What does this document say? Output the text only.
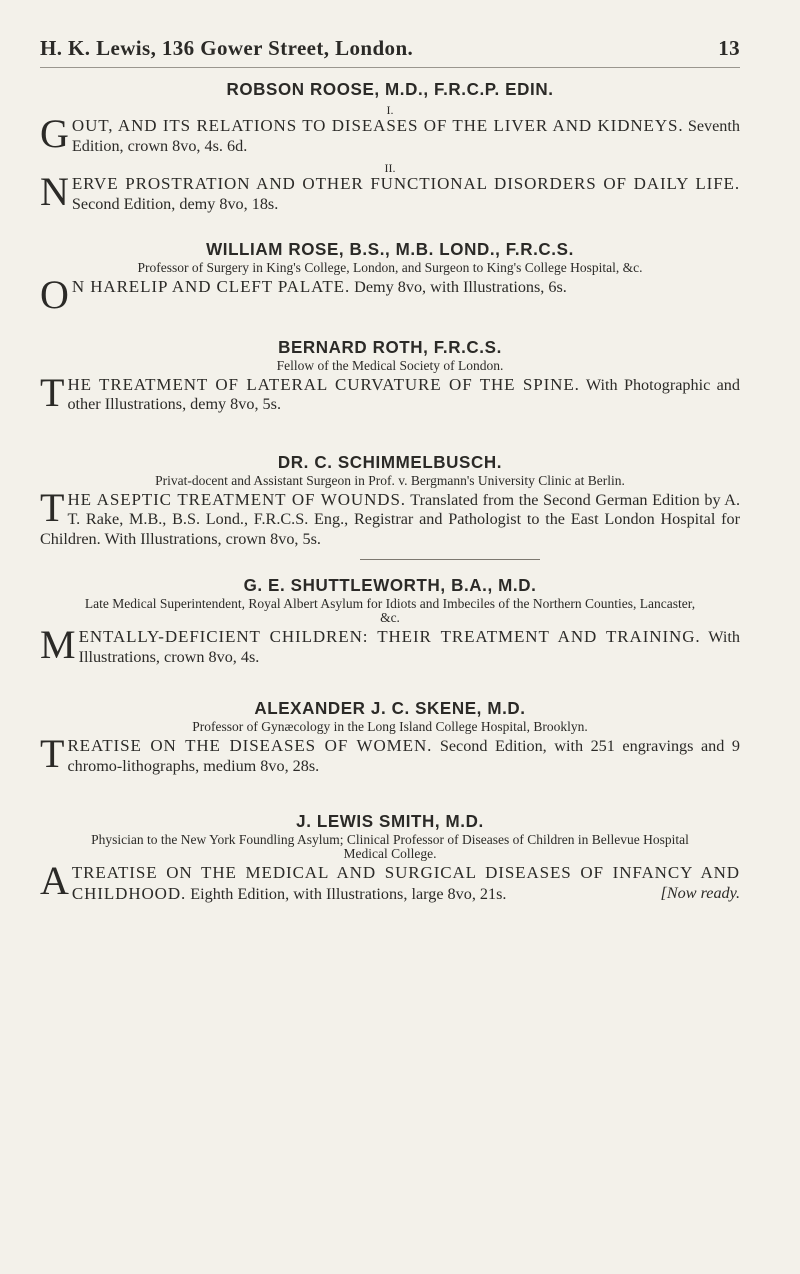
H. K. Lewis, 136 Gower Street, London.	13

ROBSON ROOSE, M.D., F.R.C.P. EDIN.

I.

GOUT, AND ITS RELATIONS TO DISEASES OF THE LIVER AND KIDNEYS. Seventh Edition, crown 8vo, 4s. 6d.

II.

NERVE PROSTRATION AND OTHER FUNCTIONAL DISORDERS OF DAILY LIFE. Second Edition, demy 8vo, 18s.

WILLIAM ROSE, B.S., M.B. LOND., F.R.C.S.

Professor of Surgery in King's College, London, and Surgeon to King's College Hospital, &c.

O N HARELIP AND CLEFT PALATE. Demy 8vo, with Illustrations, 6s.

BERNARD ROTH, F.R.C.S.

Fellow of the Medical Society of London.

THE TREATMENT OF LATERAL CURVATURE OF THE SPINE. With Photographic and other Illustrations, demy 8vo, 5s.

DR. C. SCHIMMELBUSCH.

Privat-docent and Assistant Surgeon in Prof. v. Bergmann's University Clinic at Berlin.

THE ASEPTIC TREATMENT OF WOUNDS. Translated from the Second German Edition by A. T. Rake, M.B., B.S. Lond., F.R.C.S. Eng., Registrar and Pathologist to the East London Hospital for Children. With Illustrations, crown 8vo, 5s.

G. E. SHUTTLEWORTH, B.A., M.D.

Late Medical Superintendent, Royal Albert Asylum for Idiots and Imbeciles of the Northern Counties, Lancaster, &c.

MENTALLY-DEFICIENT CHILDREN: THEIR TREATMENT AND TRAINING. With Illustrations, crown 8vo, 4s.

ALEXANDER J. C. SKENE, M.D.

Professor of Gynæcology in the Long Island College Hospital, Brooklyn.

TREATISE ON THE DISEASES OF WOMEN. Second Edition, with 251 engravings and 9 chromo-lithographs, medium 8vo, 28s.

J. LEWIS SMITH, M.D.

Physician to the New York Foundling Asylum; Clinical Professor of Diseases of Children in Bellevue Hospital Medical College.

A TREATISE ON THE MEDICAL AND SURGICAL DISEASES OF INFANCY AND CHILDHOOD. Eighth Edition, with Illustrations, large 8vo, 21s.	[Now ready.
